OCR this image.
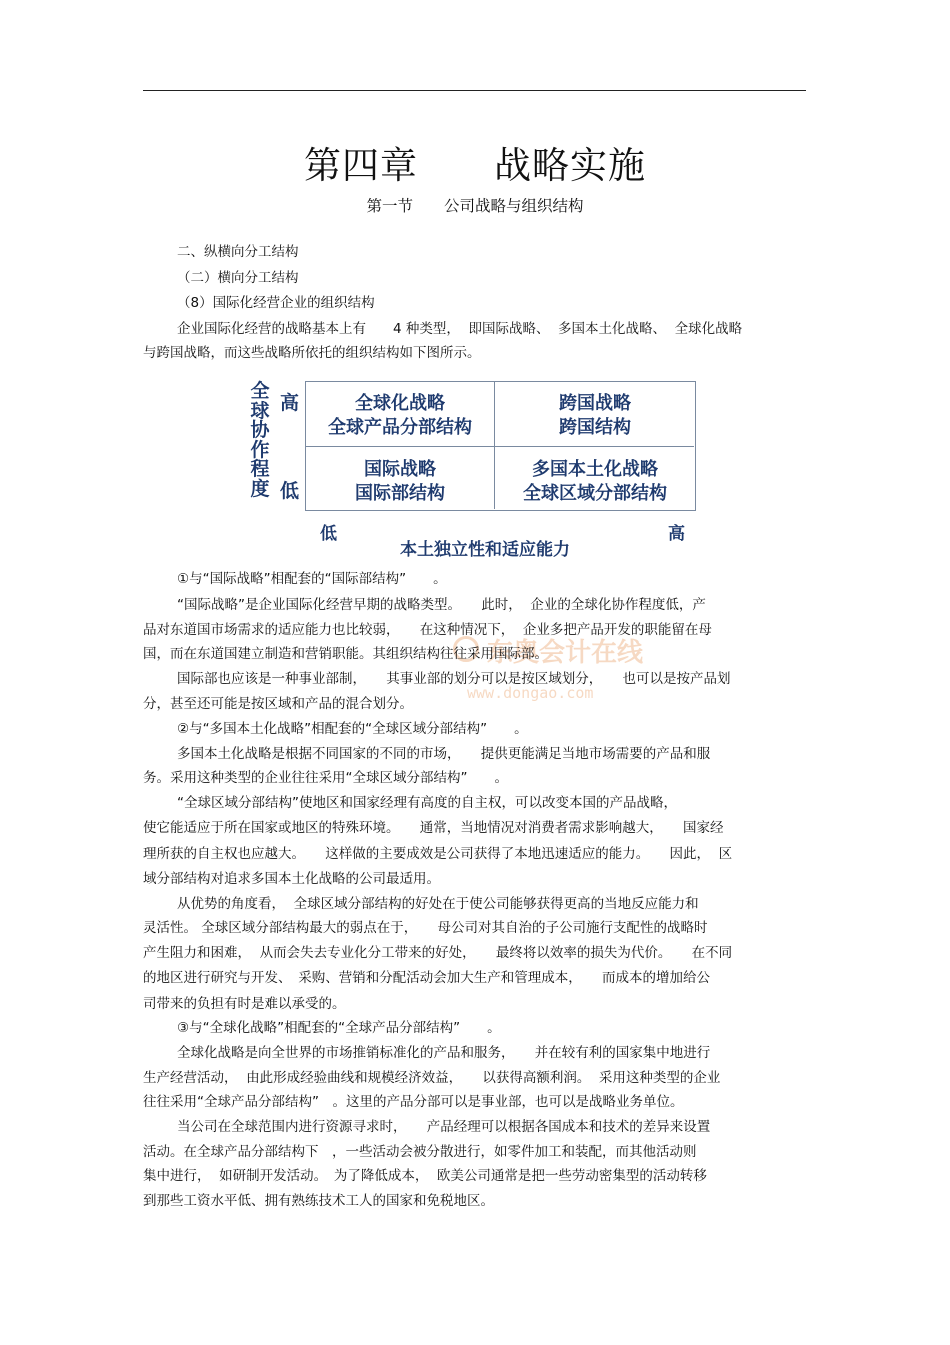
第四章　　战略实施
第一节　　公司战略与组织结构
二、纵横向分工结构
（二）横向分工结构
（8）国际化经营企业的组织结构
企业国际化经营的战略基本上有　　4 种类型，  即国际战略、  多国本土化战略、  全球化战略
与跨国战略，而这些战略所依托的组织结构如下图所示。
全
球
协
作
程
度
高
低
全球化战略
全球产品分部结构
跨国战略
跨国结构
国际战略
国际部结构
多国本土化战略
全球区域分部结构
低	高
本土独立性和适应能力
东奥会计在线
www.dongao.com
①与“国际战略”相配套的“国际部结构”　　。
“国际战略”是企业国际化经营早期的战略类型。　　此时，  企业的全球化协作程度低，产
品对东道国市场需求的适应能力也比较弱，　　在这种情况下，  企业多把产品开发的职能留在母
国，而在东道国建立制造和营销职能。其组织结构往往采用国际部。
国际部也应该是一种事业部制，　　其事业部的划分可以是按区域划分，　　也可以是按产品划
分，甚至还可能是按区域和产品的混合划分。
②与“多国本土化战略”相配套的“全球区域分部结构”　　。
多国本土化战略是根据不同国家的不同的市场，　　提供更能满足当地市场需要的产品和服
务。采用这种类型的企业往往采用“全球区域分部结构”　　。
“全球区域分部结构”使地区和国家经理有高度的自主权，可以改变本国的产品战略，
使它能适应于所在国家或地区的特殊环境。　　通常，当地情况对消费者需求影响越大，　　国家经
理所获的自主权也应越大。　　这样做的主要成效是公司获得了本地迅速适应的能力。　　因此，  区
域分部结构对追求多国本土化战略的公司最适用。
从优势的角度看，  全球区域分部结构的好处在于使公司能够获得更高的当地反应能力和
灵活性。 全球区域分部结构最大的弱点在于，　　母公司对其自治的子公司施行支配性的战略时
产生阻力和困难，  从而会失去专业化分工带来的好处，　　最终将以效率的损失为代价。　　在不同
的地区进行研究与开发、　采购、营销和分配活动会加大生产和管理成本，　　而成本的增加给公
司带来的负担有时是难以承受的。
③与“全球化战略”相配套的“全球产品分部结构”　　。
全球化战略是向全世界的市场推销标准化的产品和服务，　　并在较有利的国家集中地进行
生产经营活动，  由此形成经验曲线和规模经济效益，　　以获得高额利润。  采用这种类型的企业
往往采用“全球产品分部结构”　。这里的产品分部可以是事业部，也可以是战略业务单位。
当公司在全球范围内进行资源寻求时，　　产品经理可以根据各国成本和技术的差异来设置
活动。在全球产品分部结构下　，一些活动会被分散进行，如零件加工和装配，而其他活动则
集中进行，  如研制开发活动。　为了降低成本，  欧美公司通常是把一些劳动密集型的活动转移
到那些工资水平低、拥有熟练技术工人的国家和免税地区。
